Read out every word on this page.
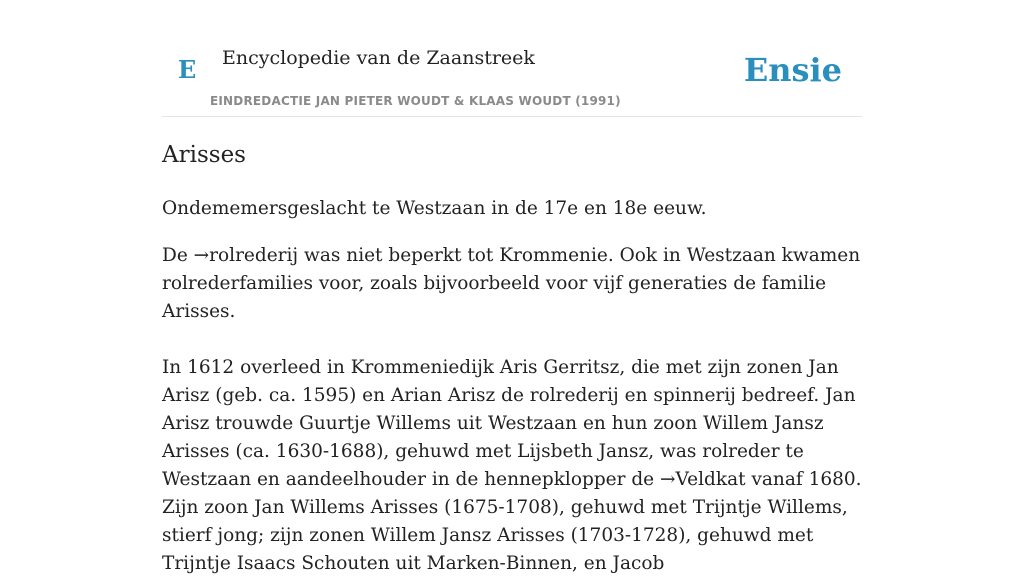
E Encyclopedie van de Zaanstreek	Ensie
EINDREDACTIE JAN PIETER WOUDT & KLAAS WOUDT (1991)
Arisses

Ondememersgeslacht te Westzaan in de 17e en 18e eeuw.

De →rolrederij was niet beperkt tot Krommenie. Ook in Westzaan kwamen rolrederfamilies voor, zoals bijvoorbeeld voor vijf generaties de familie Arisses.

In 1612 overleed in Krommeniedijk Aris Gerritsz, die met zijn zonen Jan Arisz (geb. ca. 1595) en Arian Arisz de rolrederij en spinnerij bedreef. Jan Arisz trouwde Guurtje Willems uit Westzaan en hun zoon Willem Jansz Arisses (ca. 1630-1688), gehuwd met Lijsbeth Jansz, was rolreder te Westzaan en aandeelhouder in de hennepklopper de →Veldkat vanaf 1680. Zijn zoon Jan Willems Arisses (1675-1708), gehuwd met Trijntje Willems, stierf jong; zijn zonen Willem Jansz Arisses (1703-1728), gehuwd met Trijntje Isaacs Schouten uit Marken-Binnen, en Jacob
